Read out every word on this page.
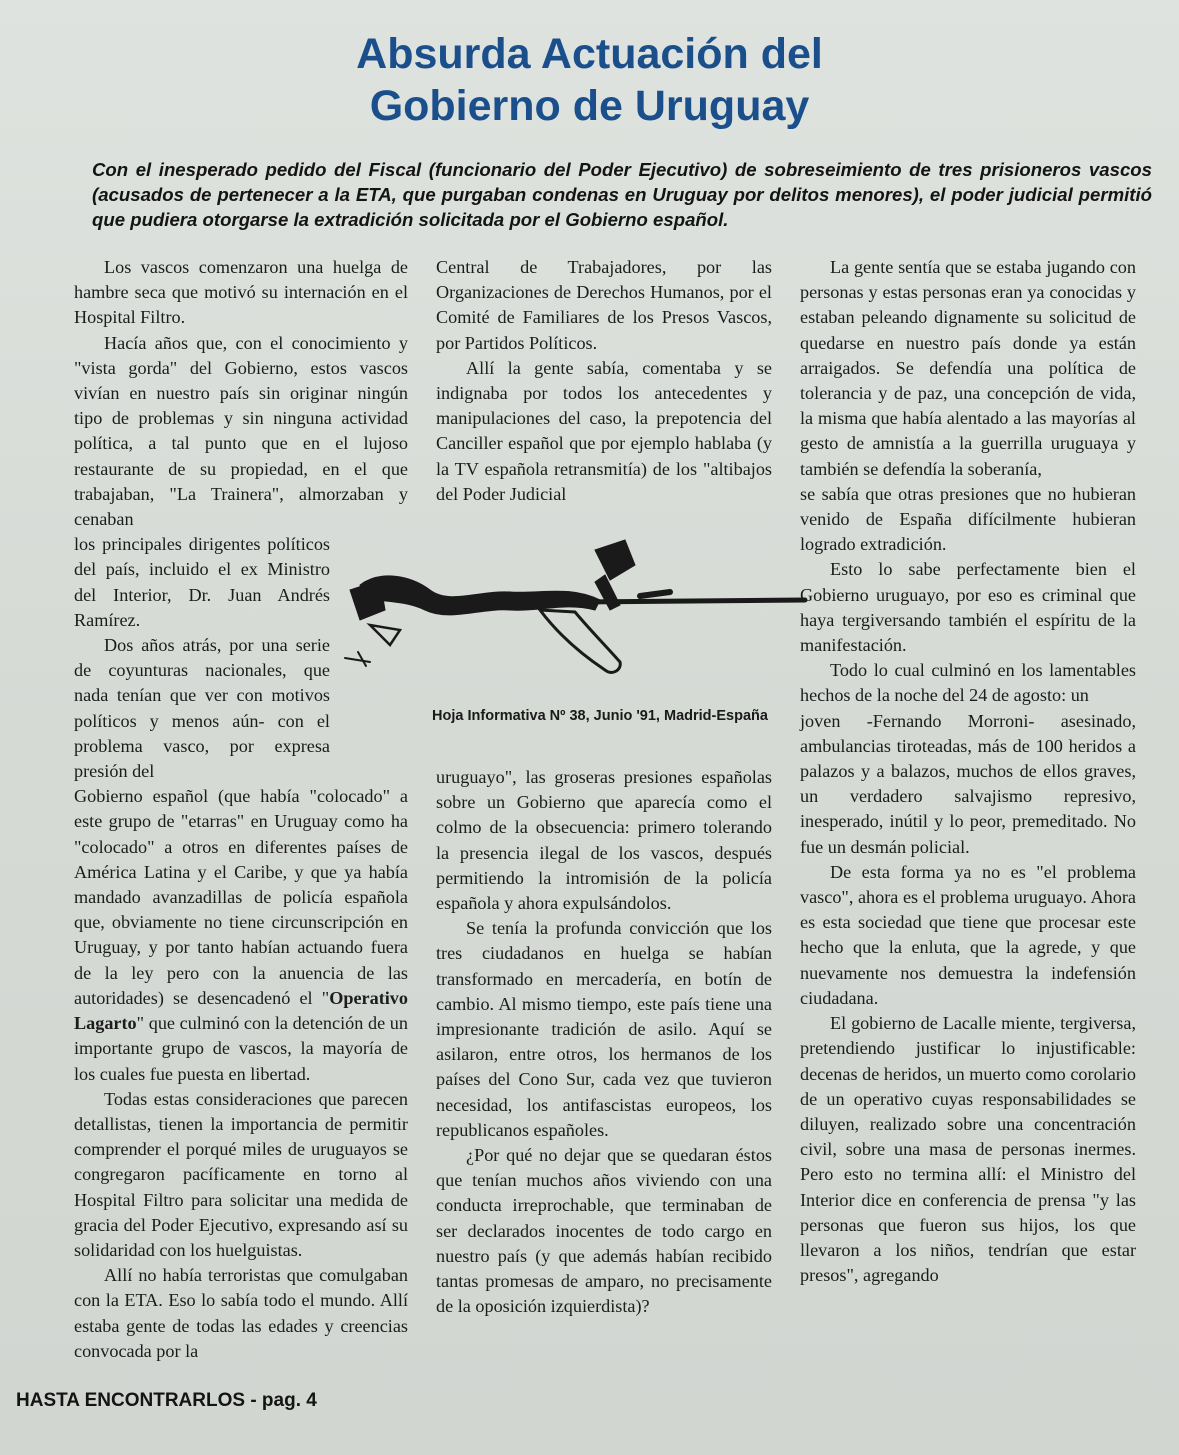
Absurda Actuación del
Gobierno de Uruguay

Con el inesperado pedido del Fiscal (funcionario del Poder Ejecutivo) de sobreseimiento de tres prisioneros vascos (acusados de pertenecer a la ETA, que purgaban condenas en Uruguay por delitos menores), el poder judicial permitió que pudiera otorgarse la extradición solicitada por el Gobierno español.

Los vascos comenzaron una huelga de hambre seca que motivó su internación en el Hospital Filtro.

Hacía años que, con el conocimiento y "vista gorda" del Gobierno, estos vascos vivían en nuestro país sin originar ningún tipo de problemas y sin ninguna actividad política, a tal punto que en el lujoso restaurante de su propiedad, en el que trabajaban, "La Trainera", almorzaban y cenaban

los principales dirigentes políticos del país, incluido el ex Ministro del Interior, Dr. Juan Andrés Ramírez.

Dos años atrás, por una serie de coyunturas nacionales, que nada tenían que ver con motivos políticos y menos aún- con el problema vasco, por expresa presión del

Gobierno español (que había "colocado" a este grupo de "etarras" en Uruguay como ha "colocado" a otros en diferentes países de América Latina y el Caribe, y que ya había mandado avanzadillas de policía española que, obviamente no tiene circunscripción en Uruguay, y por tanto habían actuando fuera de la ley pero con la anuencia de las autoridades) se desencadenó el "Operativo Lagarto" que culminó con la detención de un importante grupo de vascos, la mayoría de los cuales fue puesta en libertad.

Todas estas consideraciones que parecen detallistas, tienen la importancia de permitir comprender el porqué miles de uruguayos se congregaron pacíficamente en torno al Hospital Filtro para solicitar una medida de gracia del Poder Ejecutivo, expresando así su solidaridad con los huelguistas.

Allí no había terroristas que comulgaban con la ETA. Eso lo sabía todo el mundo. Allí estaba gente de todas las edades y creencias convocada por la

Central de Trabajadores, por las Organizaciones de Derechos Humanos, por el Comité de Familiares de los Presos Vascos, por Partidos Políticos.

Allí la gente sabía, comentaba y se indignaba por todos los antecedentes y manipulaciones del caso, la prepotencia del Canciller español que por ejemplo hablaba (y la TV española retransmitía) de los "altibajos del Poder Judicial

Hoja Informativa Nº 38, Junio '91, Madrid-España

uruguayo", las groseras presiones españolas sobre un Gobierno que aparecía como el colmo de la obsecuencia: primero tolerando la presencia ilegal de los vascos, después permitiendo la intromisión de la policía española y ahora expulsándolos.

Se tenía la profunda convicción que los tres ciudadanos en huelga se habían transformado en mercadería, en botín de cambio. Al mismo tiempo, este país tiene una impresionante tradición de asilo. Aquí se asilaron, entre otros, los hermanos de los países del Cono Sur, cada vez que tuvieron necesidad, los antifascistas europeos, los republicanos españoles.

¿Por qué no dejar que se quedaran éstos que tenían muchos años viviendo con una conducta irreprochable, que terminaban de ser declarados inocentes de todo cargo en nuestro país (y que además habían recibido tantas promesas de amparo, no precisamente de la oposición izquierdista)?

La gente sentía que se estaba jugando con personas y estas personas eran ya conocidas y estaban peleando dignamente su solicitud de quedarse en nuestro país donde ya están arraigados. Se defendía una política de tolerancia y de paz, una concepción de vida, la misma que había alentado a las mayorías al gesto de amnistía a la guerrilla uruguaya y también se defendía la soberanía,

se sabía que otras presiones que no hubieran venido de España difícilmente hubieran logrado extradición.

Esto lo sabe perfectamente bien el Gobierno uruguayo, por eso es criminal que haya tergiversando también el espíritu de la manifestación.

Todo lo cual culminó en los lamentables hechos de la noche del 24 de agosto: un

joven -Fernando Morroni- asesinado, ambulancias tiroteadas, más de 100 heridos a palazos y a balazos, muchos de ellos graves, un verdadero salvajismo represivo, inesperado, inútil y lo peor, premeditado. No fue un desmán policial.

De esta forma ya no es "el problema vasco", ahora es el problema uruguayo. Ahora es esta sociedad que tiene que procesar este hecho que la enluta, que la agrede, y que nuevamente nos demuestra la indefensión ciudadana.

El gobierno de Lacalle miente, tergiversa, pretendiendo justificar lo injustificable: decenas de heridos, un muerto como corolario de un operativo cuyas responsabilidades se diluyen, realizado sobre una concentración civil, sobre una masa de personas inermes. Pero esto no termina allí: el Ministro del Interior dice en conferencia de prensa "y las personas que fueron sus hijos, los que llevaron a los niños, tendrían que estar presos", agregando

HASTA ENCONTRARLOS - pag. 4
